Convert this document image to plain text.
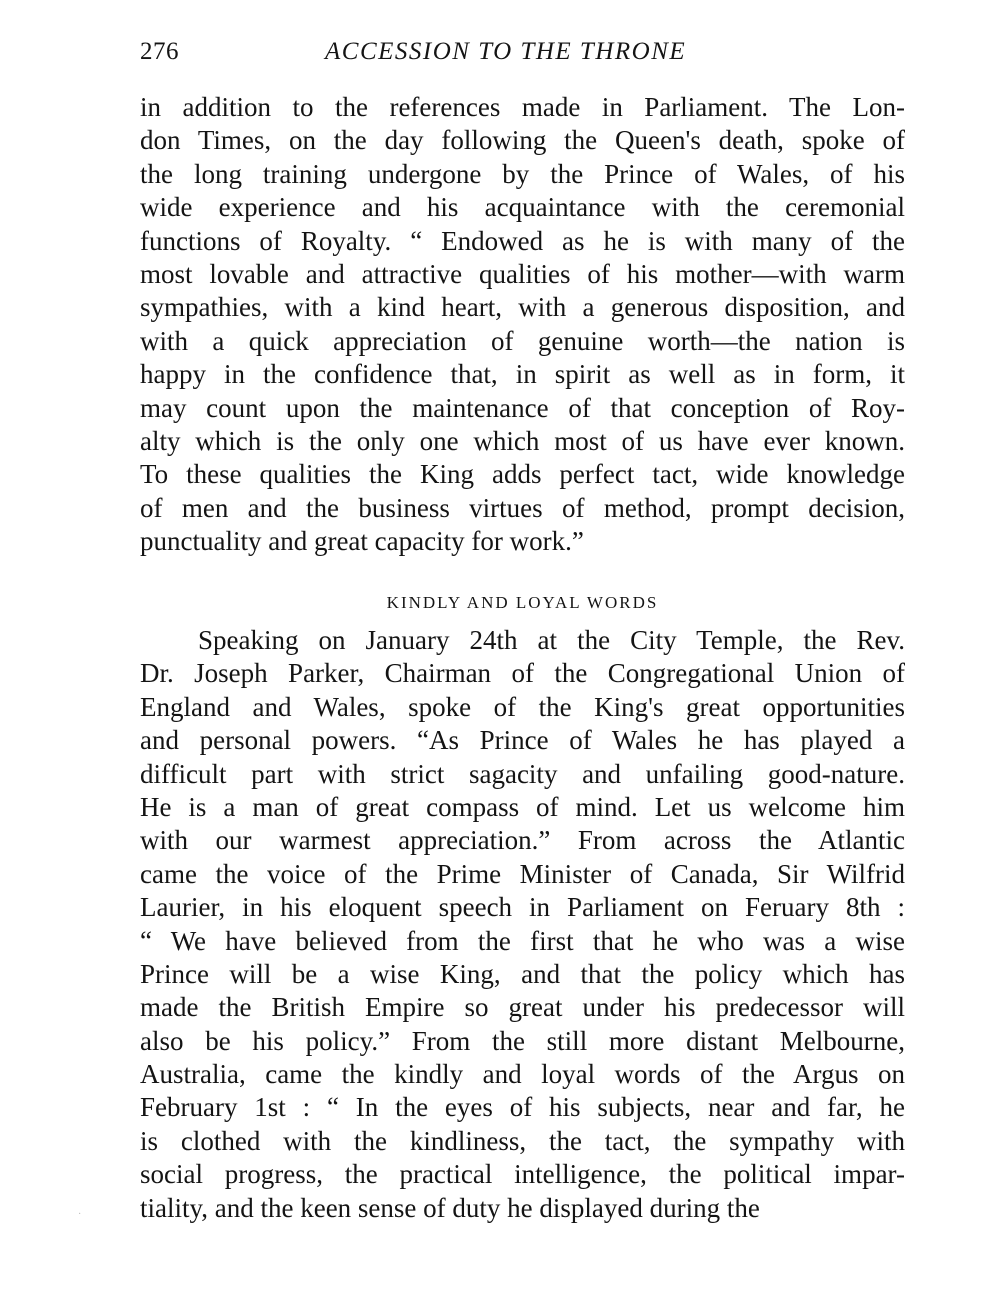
276	ACCESSION TO THE THRONE
in addition to the references made in Parliament. The Lon-
don Times, on the day following the Queen's death, spoke of
the long training undergone by the Prince of Wales, of his
wide experience and his acquaintance with the ceremonial
functions of Royalty. “ Endowed as he is with many of the
most lovable and attractive qualities of his mother—with warm
sympathies, with a kind heart, with a generous disposition, and
with a quick appreciation of genuine worth—the nation is
happy in the confidence that, in spirit as well as in form, it
may count upon the maintenance of that conception of Roy-
alty which is the only one which most of us have ever known.
To these qualities the King adds perfect tact, wide knowledge
of men and the business virtues of method, prompt decision,
punctuality and great capacity for work.”
KINDLY AND LOYAL WORDS
Speaking on January 24th at the City Temple, the Rev.
Dr. Joseph Parker, Chairman of the Congregational Union of
England and Wales, spoke of the King's great opportunities
and personal powers. “As Prince of Wales he has played a
difficult part with strict sagacity and unfailing good-nature.
He is a man of great compass of mind. Let us welcome him
with our warmest appreciation.” From across the Atlantic
came the voice of the Prime Minister of Canada, Sir Wilfrid
Laurier, in his eloquent speech in Parliament on Feruary 8th :
“ We have believed from the first that he who was a wise
Prince will be a wise King, and that the policy which has
made the British Empire so great under his predecessor will
also be his policy.” From the still more distant Melbourne,
Australia, came the kindly and loyal words of the Argus on
February 1st : “ In the eyes of his subjects, near and far, he
is clothed with the kindliness, the tact, the sympathy with
social progress, the practical intelligence, the political impar-
tiality, and the keen sense of duty he displayed during the
·
